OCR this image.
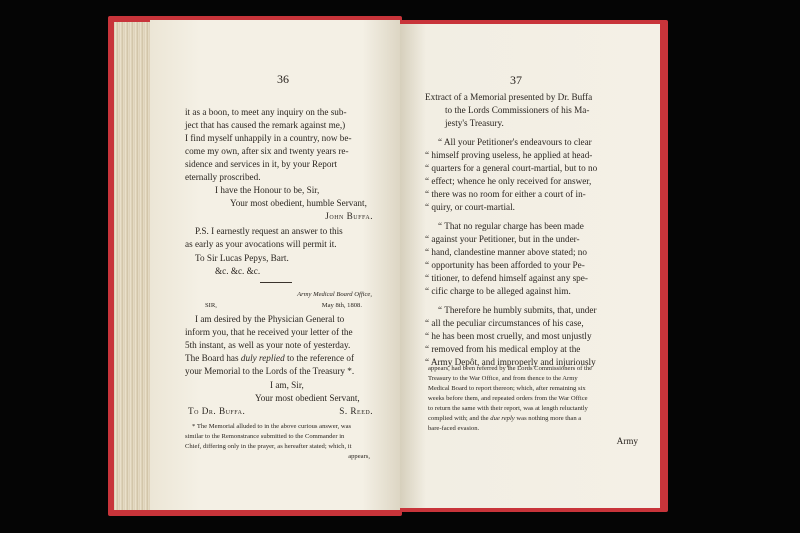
36
it as a boon, to meet any inquiry on the sub-
ject that has caused the remark against me,)
I find myself unhappily in a country, now be-
come my own, after six and twenty years re-
sidence and services in it, by your Report
eternally proscribed.
I have the Honour to be, Sir,
Your most obedient, humble Servant,
John Buffa.
P.S. I earnestly request an answer to this
as early as your avocations will permit it.
To Sir Lucas Pepys, Bart.
&c. &c. &c.
Army Medical Board Office,
SIR,	May 8th, 1808.
I am desired by the Physician General to
inform you, that he received your letter of the
5th instant, as well as your note of yesterday.
The Board has duly replied to the reference of
your Memorial to the Lords of the Treasury *.
I am, Sir,
Your most obedient Servant,
To Dr. Buffa.	S. Reed.
* The Memorial alluded to in the above curious answer, was
similar to the Remonstrance submitted to the Commander in
Chief, differing only in the prayer, as hereafter stated; which, it
appears,
37
Extract of a Memorial presented by Dr. Buffa
to the Lords Commissioners of his Ma-
jesty's Treasury.
“ All your Petitioner's endeavours to clear
“ himself proving useless, he applied at head-
“ quarters for a general court-martial, but to no
“ effect; whence he only received for answer,
“ there was no room for either a court of in-
“ quiry, or court-martial.
“ That no regular charge has been made
“ against your Petitioner, but in the under-
“ hand, clandestine manner above stated; no
“ opportunity has been afforded to your Pe-
“ titioner, to defend himself against any spe-
“ cific charge to be alleged against him.
“ Therefore he humbly submits, that, under
“ all the peculiar circumstances of his case,
“ he has been most cruelly, and most unjustly
“ removed from his medical employ at the
“ Army Depôt, and improperly and injuriously
appears, had been referred by the Lords Commissioners of the
Treasury to the War Office, and from thence to the Army
Medical Board to report thereon; which, after remaining six
weeks before them, and repeated orders from the War Office
to return the same with their report, was at length reluctantly
complied with; and the due reply was nothing more than a
bare-faced evasion.
Army
